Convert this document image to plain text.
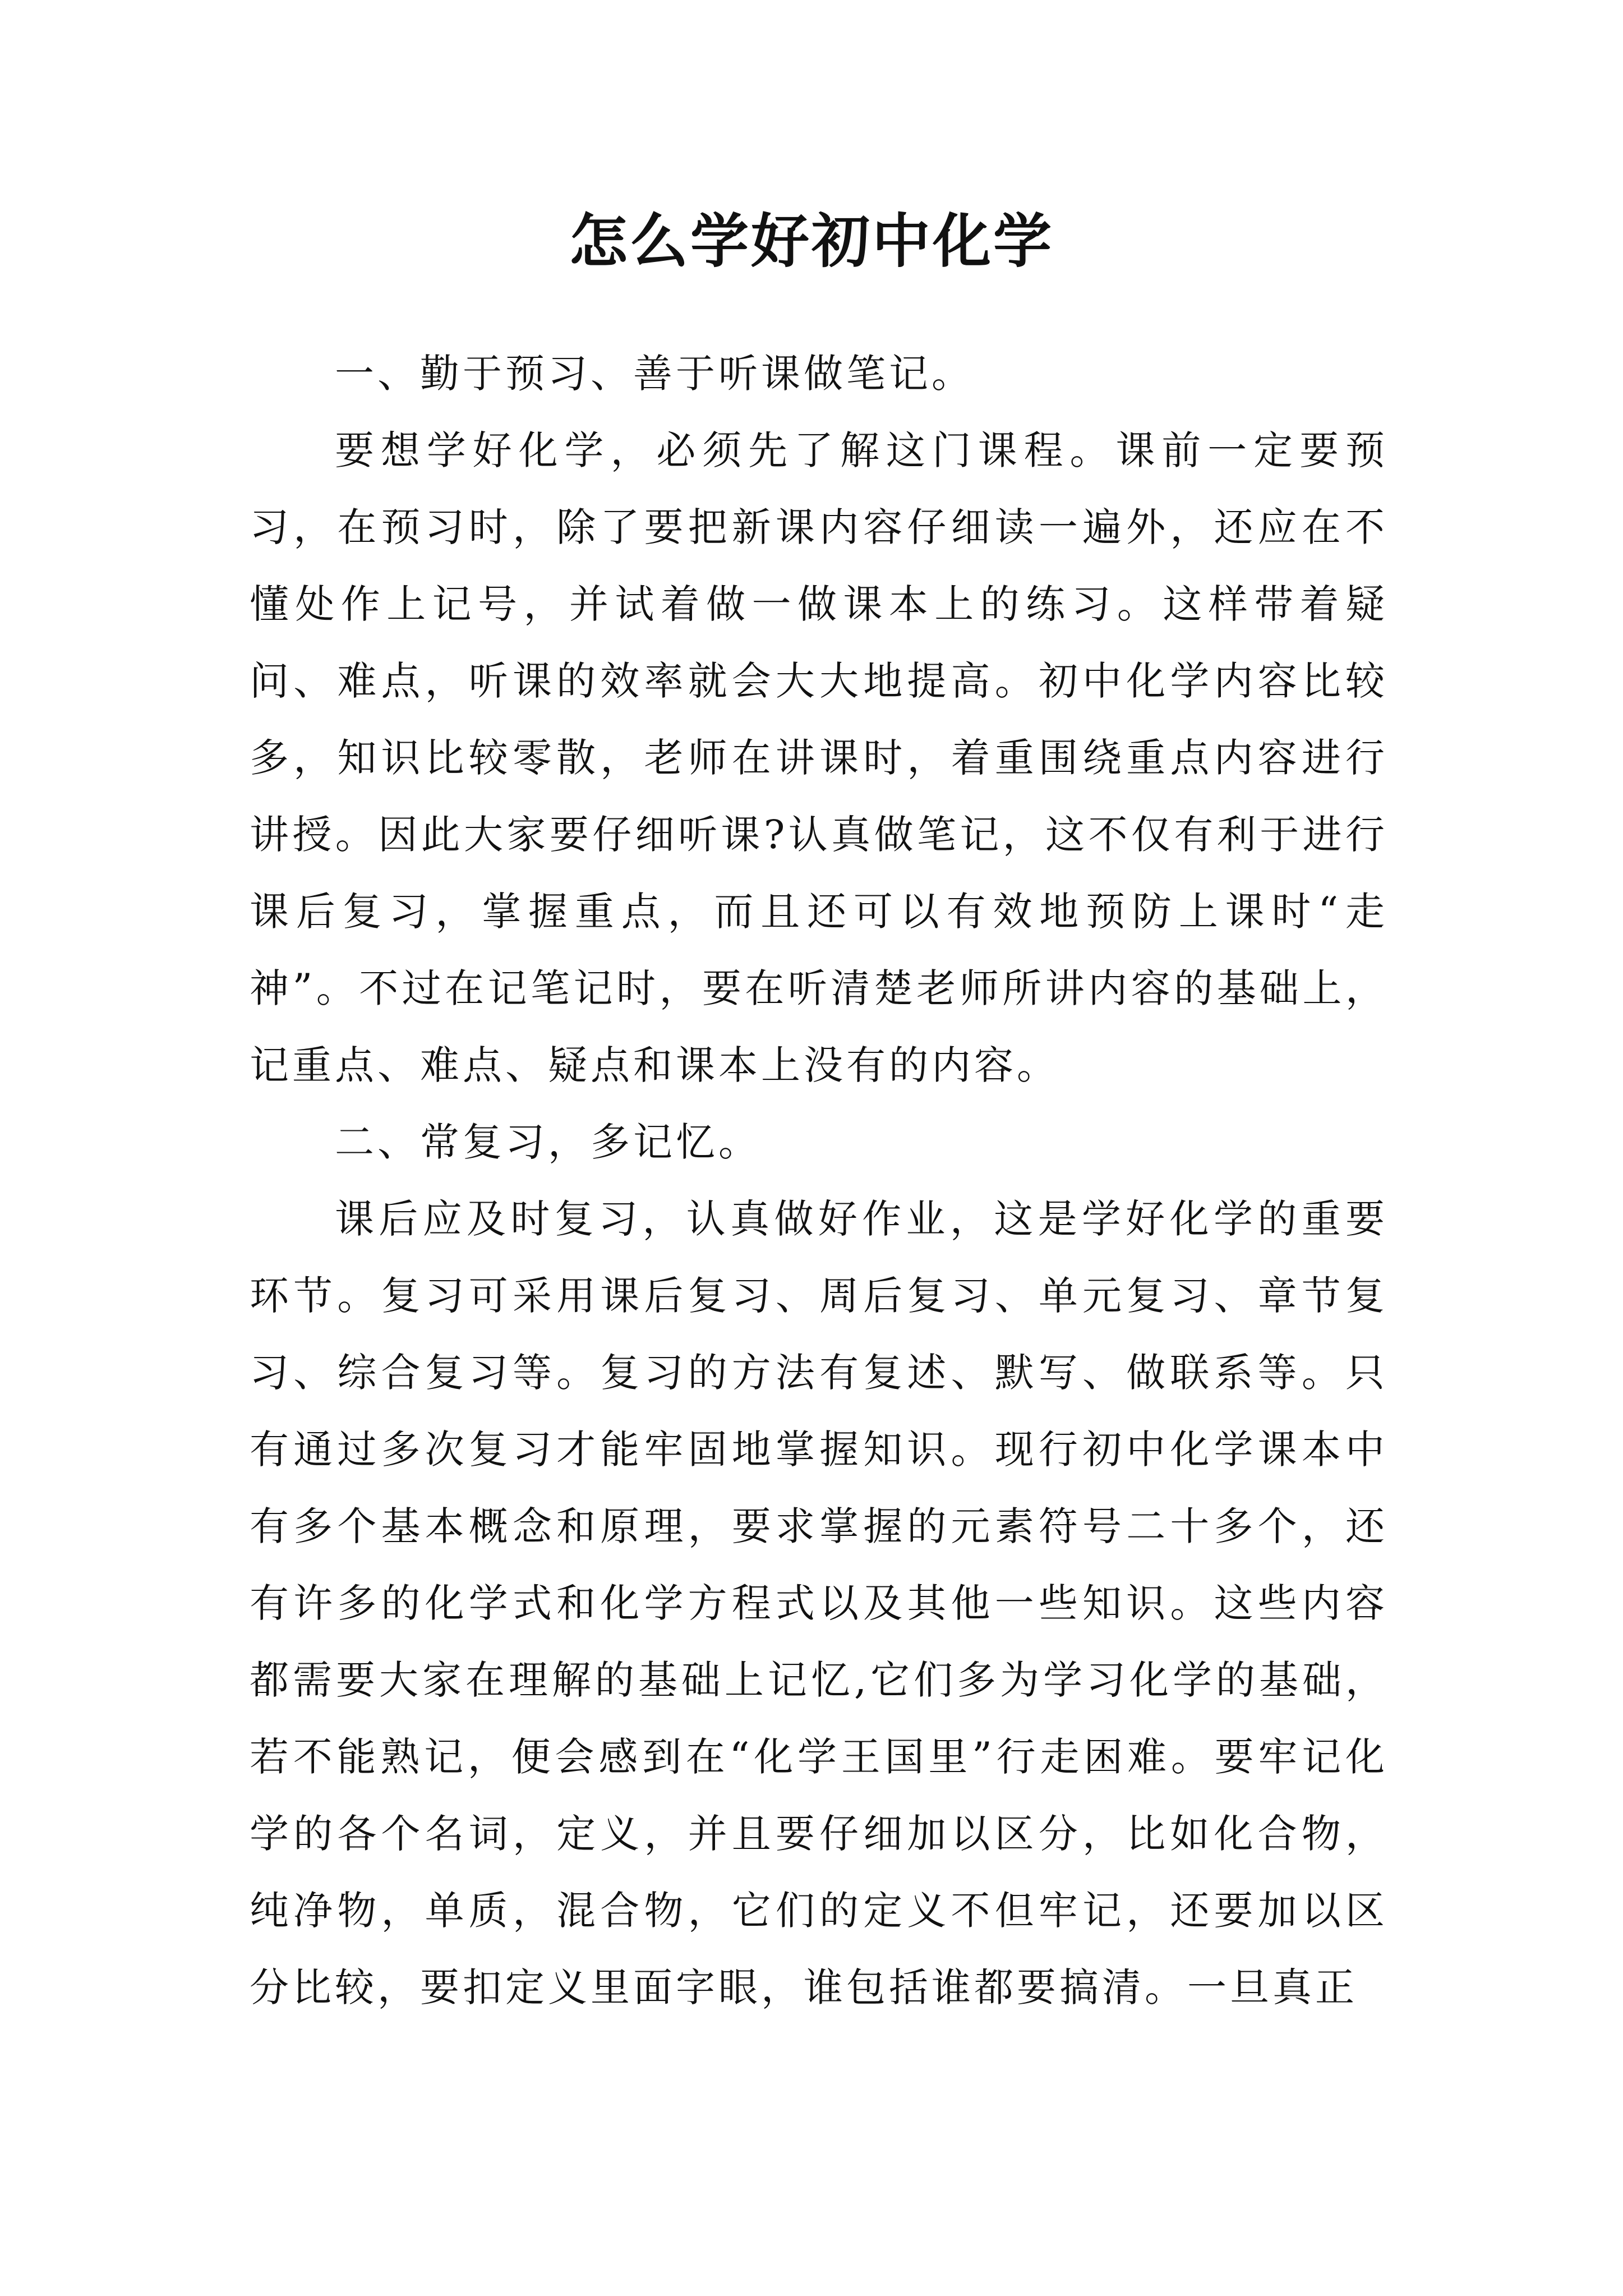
怎么学好初中化学

一、勤于预习、善于听课做笔记。

要想学好化学，必须先了解这门课程。课前一定要预习，在预习时，除了要把新课内容仔细读一遍外，还应在不懂处作上记号，并试着做一做课本上的练习。这样带着疑问、难点，听课的效率就会大大地提高。初中化学内容比较多，知识比较零散，老师在讲课时，着重围绕重点内容进行讲授。因此大家要仔细听课?认真做笔记，这不仅有利于进行课后复习，掌握重点，而且还可以有效地预防上课时“走神”。不过在记笔记时，要在听清楚老师所讲内容的基础上，记重点、难点、疑点和课本上没有的内容。

二、常复习，多记忆。

课后应及时复习，认真做好作业，这是学好化学的重要环节。复习可采用课后复习、周后复习、单元复习、章节复习、综合复习等。复习的方法有复述、默写、做联系等。只有通过多次复习才能牢固地掌握知识。现行初中化学课本中有多个基本概念和原理，要求掌握的元素符号二十多个，还有许多的化学式和化学方程式以及其他一些知识。这些内容都需要大家在理解的基础上记忆,它们多为学习化学的基础，若不能熟记，便会感到在“化学王国里”行走困难。要牢记化学的各个名词，定义，并且要仔细加以区分，比如化合物，纯净物，单质，混合物，它们的定义不但牢记，还要加以区分比较，要扣定义里面字眼，谁包括谁都要搞清。一旦真正
